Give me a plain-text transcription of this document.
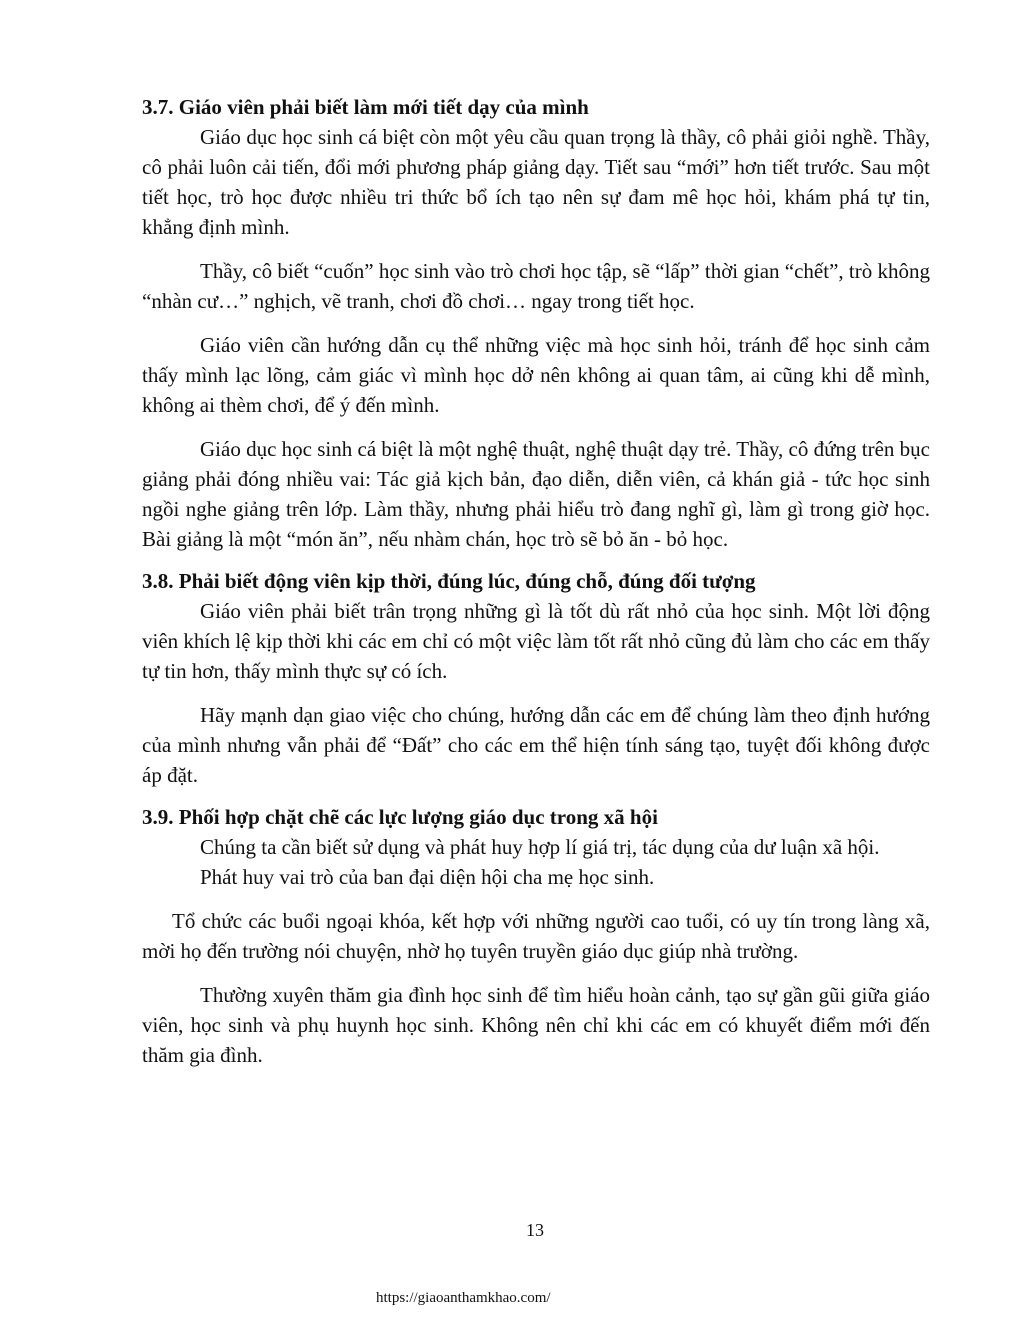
3.7. Giáo viên phải biết làm mới tiết dạy của mình

Giáo dục học sinh cá biệt còn một yêu cầu quan trọng là thầy, cô phải giỏi nghề. Thầy, cô phải luôn cải tiến, đổi mới phương pháp giảng dạy. Tiết sau “mới” hơn tiết trước. Sau một tiết học, trò học được nhiều tri thức bổ ích tạo nên sự đam mê học hỏi, khám phá tự tin, khẳng định mình.

Thầy, cô biết “cuốn” học sinh vào trò chơi học tập, sẽ “lấp” thời gian “chết”, trò không “nhàn cư…” nghịch, vẽ tranh, chơi đồ chơi… ngay trong tiết học.

Giáo viên cần hướng dẫn cụ thể những việc mà học sinh hỏi, tránh để học sinh cảm thấy mình lạc lõng, cảm giác vì mình học dở nên không ai quan tâm, ai cũng khi dễ mình, không ai thèm chơi, để ý đến mình.

Giáo dục học sinh cá biệt là một nghệ thuật, nghệ thuật dạy trẻ. Thầy, cô đứng trên bục giảng phải đóng nhiều vai: Tác giả kịch bản, đạo diễn, diễn viên, cả khán giả - tức học sinh ngồi nghe giảng trên lớp. Làm thầy, nhưng phải hiểu trò đang nghĩ gì, làm gì trong giờ học. Bài giảng là một “món ăn”, nếu nhàm chán, học trò sẽ bỏ ăn - bỏ học.

3.8. Phải biết động viên kịp thời, đúng lúc, đúng chỗ, đúng đối tượng

Giáo viên phải biết trân trọng những gì là tốt dù rất nhỏ của học sinh. Một lời động viên khích lệ kịp thời khi các em chỉ có một việc làm tốt rất nhỏ cũng đủ làm cho các em thấy tự tin hơn, thấy mình thực sự có ích.

Hãy mạnh dạn giao việc cho chúng, hướng dẫn các em để chúng làm theo định hướng của mình nhưng vẫn phải để “Đất” cho các em thể hiện tính sáng tạo, tuyệt đối không được áp đặt.

3.9. Phối hợp chặt chẽ các lực lượng giáo dục trong xã hội

Chúng ta cần biết sử dụng và phát huy hợp lí giá trị, tác dụng của dư luận xã hội.

Phát huy vai trò của ban đại diện hội cha mẹ học sinh.

Tổ chức các buổi ngoại khóa, kết hợp với những người cao tuổi, có uy tín trong làng xã, mời họ đến trường nói chuyện, nhờ họ tuyên truyền giáo dục giúp nhà trường.

Thường xuyên thăm gia đình học sinh để tìm hiểu hoàn cảnh, tạo sự gần gũi giữa giáo viên, học sinh và phụ huynh học sinh. Không nên chỉ khi các em có khuyết điểm mới đến thăm gia đình.

13
https://giaoanthamkhao.com/
